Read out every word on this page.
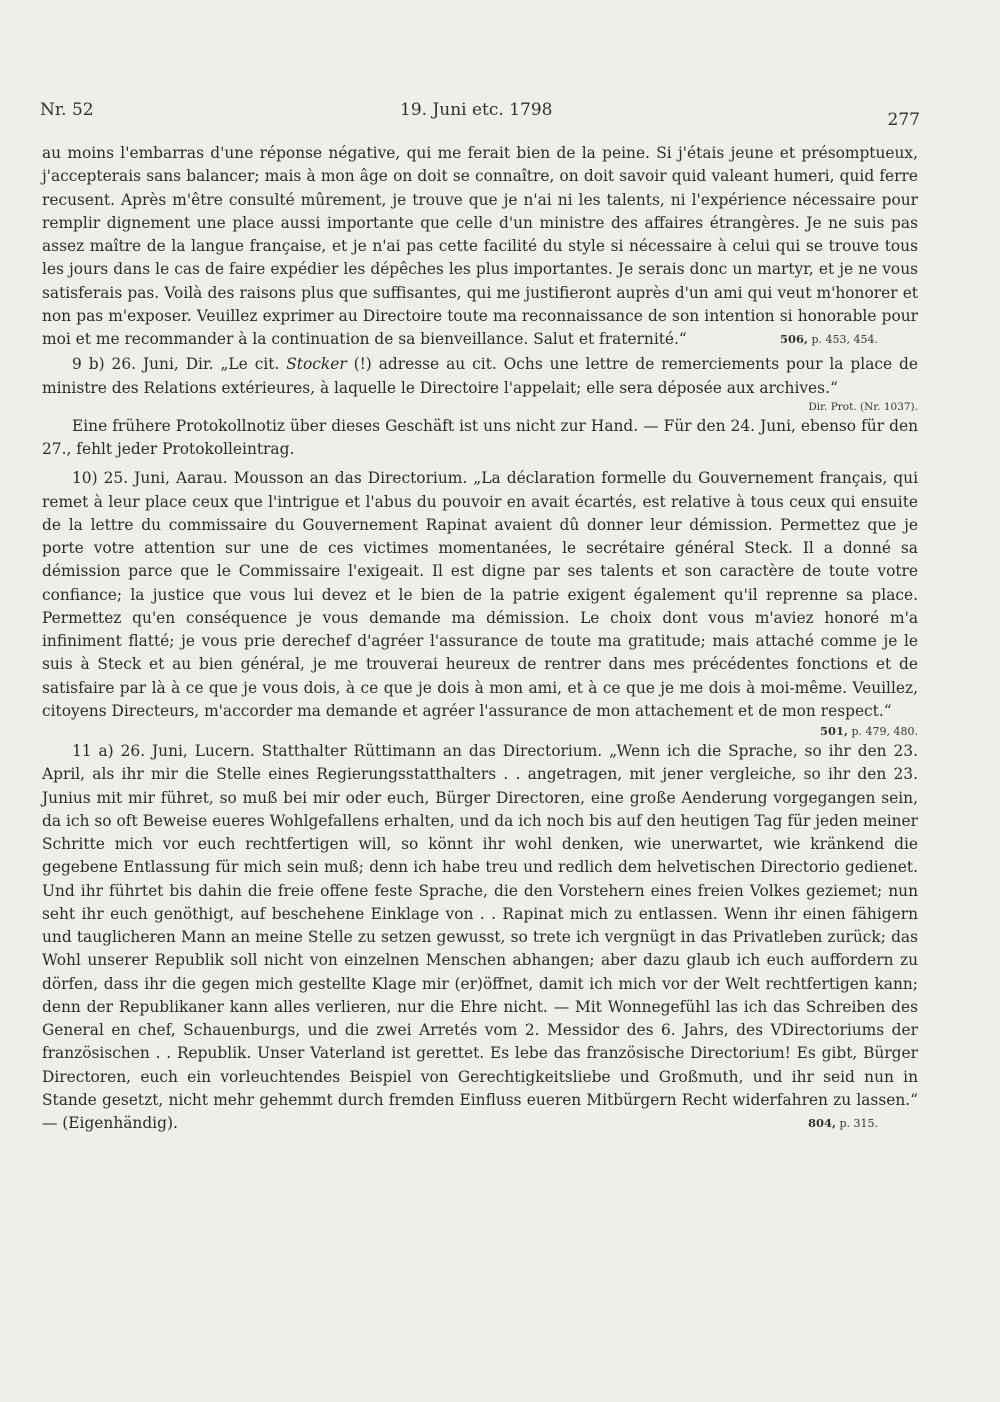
Nr. 52	19. Juni etc. 1798	277

au moins l'embarras d'une réponse négative, qui me ferait bien de la peine. Si j'étais jeune et présomptueux, j'accepterais sans balancer; mais à mon âge on doit se connaître, on doit savoir quid valeant humeri, quid ferre recusent. Après m'être consulté mûrement, je trouve que je n'ai ni les talents, ni l'expérience nécessaire pour remplir dignement une place aussi importante que celle d'un ministre des affaires étrangères. Je ne suis pas assez maître de la langue française, et je n'ai pas cette facilité du style si nécessaire à celui qui se trouve tous les jours dans le cas de faire expédier les dépêches les plus importantes. Je serais donc un martyr, et je ne vous satisferais pas. Voilà des raisons plus que suffisantes, qui me justifieront auprès d'un ami qui veut m'honorer et non pas m'exposer. Veuillez exprimer au Directoire toute ma reconnaissance de son intention si honorable pour moi et me recommander à la continuation de sa bienveillance. Salut et fraternité.“	506, p. 453, 454.

9 b) 26. Juni, Dir. „Le cit. Stocker (!) adresse au cit. Ochs une lettre de remerciements pour la place de ministre des Relations extérieures, à laquelle le Directoire l'appelait; elle sera déposée aux archives.“

Dir. Prot. (Nr. 1037).

Eine frühere Protokollnotiz über dieses Geschäft ist uns nicht zur Hand. — Für den 24. Juni, ebenso für den 27., fehlt jeder Protokolleintrag.

10) 25. Juni, Aarau. Mousson an das Directorium. „La déclaration formelle du Gouvernement français, qui remet à leur place ceux que l'intrigue et l'abus du pouvoir en avait écartés, est relative à tous ceux qui ensuite de la lettre du commissaire du Gouvernement Rapinat avaient dû donner leur démission. Permettez que je porte votre attention sur une de ces victimes momentanées, le secrétaire général Steck. Il a donné sa démission parce que le Commissaire l'exigeait. Il est digne par ses talents et son caractère de toute votre confiance; la justice que vous lui devez et le bien de la patrie exigent également qu'il reprenne sa place. Permettez qu'en conséquence je vous demande ma démission. Le choix dont vous m'aviez honoré m'a infiniment flatté; je vous prie derechef d'agréer l'assurance de toute ma gratitude; mais attaché comme je le suis à Steck et au bien général, je me trouverai heureux de rentrer dans mes précédentes fonctions et de satisfaire par là à ce que je vous dois, à ce que je dois à mon ami, et à ce que je me dois à moi-même. Veuillez, citoyens Directeurs, m'accorder ma demande et agréer l'assurance de mon attachement et de mon respect.“

501, p. 479, 480.

11 a) 26. Juni, Lucern. Statthalter Rüttimann an das Directorium. „Wenn ich die Sprache, so ihr den 23. April, als ihr mir die Stelle eines Regierungsstatthalters . . angetragen, mit jener vergleiche, so ihr den 23. Junius mit mir führet, so muß bei mir oder euch, Bürger Directoren, eine große Aenderung vorgegangen sein, da ich so oft Beweise eueres Wohlgefallens erhalten, und da ich noch bis auf den heutigen Tag für jeden meiner Schritte mich vor euch rechtfertigen will, so könnt ihr wohl denken, wie unerwartet, wie kränkend die gegebene Entlassung für mich sein muß; denn ich habe treu und redlich dem helvetischen Directorio gedienet. Und ihr führtet bis dahin die freie offene feste Sprache, die den Vorstehern eines freien Volkes geziemet; nun seht ihr euch genöthigt, auf beschehene Einklage von . . Rapinat mich zu entlassen. Wenn ihr einen fähigern und tauglicheren Mann an meine Stelle zu setzen gewusst, so trete ich vergnügt in das Privatleben zurück; das Wohl unserer Republik soll nicht von einzelnen Menschen abhangen; aber dazu glaub ich euch auffordern zu dörfen, dass ihr die gegen mich gestellte Klage mir (er)öffnet, damit ich mich vor der Welt rechtfertigen kann; denn der Republikaner kann alles verlieren, nur die Ehre nicht. — Mit Wonnegefühl las ich das Schreiben des General en chef, Schauenburgs, und die zwei Arretés vom 2. Messidor des 6. Jahrs, des VDirectoriums der französischen . . Republik. Unser Vaterland ist gerettet. Es lebe das französische Directorium! Es gibt, Bürger Directoren, euch ein vorleuchtendes Beispiel von Gerechtigkeitsliebe und Großmuth, und ihr seid nun in Stande gesetzt, nicht mehr gehemmt durch fremden Einfluss eueren Mitbürgern Recht widerfahren zu lassen.“ — (Eigenhändig).	804, p. 315.
